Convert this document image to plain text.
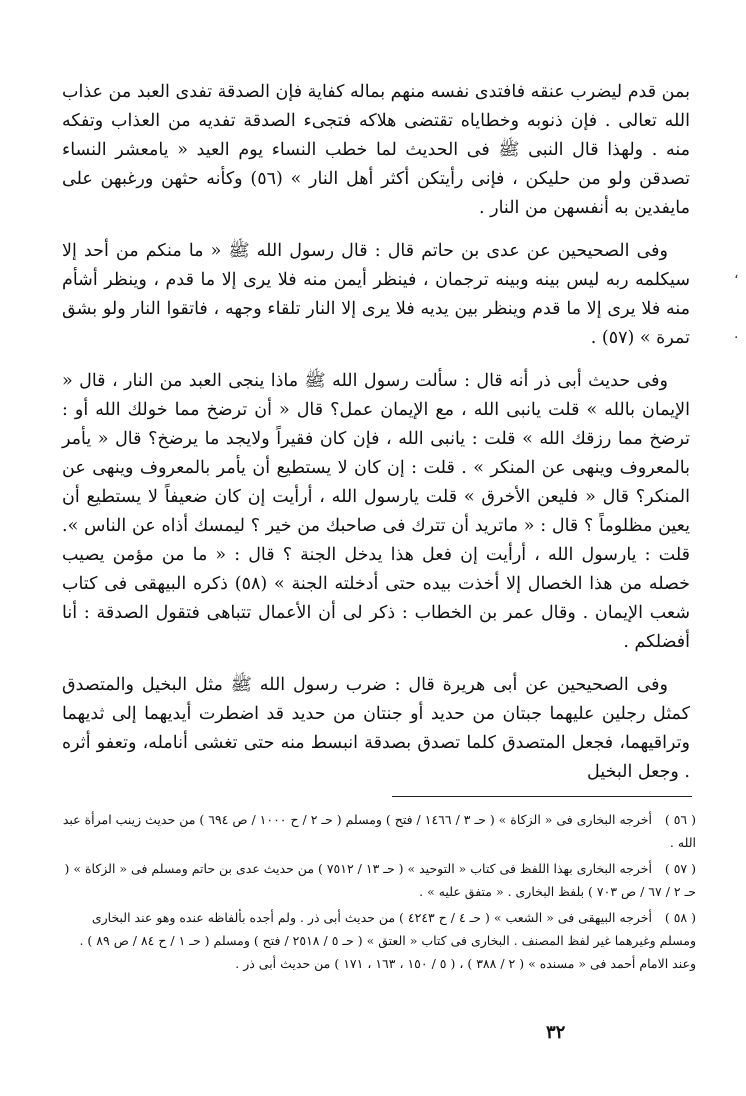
بمن قدم ليضرب عنقه فافتدى نفسه منهم بماله كفاية فإن الصدقة تفدى العبد من عذاب الله تعالى . فإن ذنوبه وخطاياه تقتضى هلاكه فتجىء الصدقة تفديه من العذاب وتفكه منه . ولهذا قال النبى ﷺ فى الحديث لما خطب النساء يوم العيد « يامعشر النساء تصدقن ولو من حليكن ، فإنى رأيتكن أكثر أهل النار » (٥٦) وكأنه حثهن ورغبهن على مايفدين به أنفسهن من النار .

وفى الصحيحين عن عدى بن حاتم قال : قال رسول الله ﷺ « ما منكم من أحد إلا سيكلمه ربه ليس بينه وبينه ترجمان ، فينظر أيمن منه فلا يرى إلا ما قدم ، وينظر أشأم منه فلا يرى إلا ما قدم وينظر بين يديه فلا يرى إلا النار تلقاء وجهه ، فاتقوا النار ولو بشق تمرة » (٥٧) .

وفى حديث أبى ذر أنه قال : سألت رسول الله ﷺ ماذا ينجى العبد من النار ، قال « الإيمان بالله » قلت يانبى الله ، مع الإيمان عمل؟ قال « أن ترضخ مما خولك الله أو : ترضخ مما رزقك الله » قلت : يانبى الله ، فإن كان فقيراً ولايجد ما يرضخ؟ قال « يأمر بالمعروف وينهى عن المنكر » . قلت : إن كان لا يستطيع أن يأمر بالمعروف وينهى عن المنكر؟ قال « فليعن الأخرق » قلت يارسول الله ، أرأيت إن كان ضعيفاً لا يستطيع أن يعين مظلوماً ؟ قال : « ماتريد أن تترك فى صاحبك من خير ؟ ليمسك أذاه عن الناس ». قلت : يارسول الله ، أرأيت إن فعل هذا يدخل الجنة ؟ قال : « ما من مؤمن يصيب خصله من هذا الخصال إلا أخذت بيده حتى أدخلته الجنة » (٥٨) ذكره البيهقى فى كتاب شعب الإيمان . وقال عمر بن الخطاب : ذكر لى أن الأعمال تتباهى فتقول الصدقة : أنا أفضلكم .

وفى الصحيحين عن أبى هريرة قال : ضرب رسول الله ﷺ مثل البخيل والمتصدق كمثل رجلين عليهما جبتان من حديد أو جنتان من حديد قد اضطرت أيديهما إلى ثديهما وتراقيهما، فجعل المتصدق كلما تصدق بصدقة انبسط منه حتى تغشى أنامله، وتعفو أثره . وجعل البخيل

،
·
( ٥٦ ) أخرجه البخارى فى « الزكاة » ( حـ ٣ / ١٤٦٦ / فتح ) ومسلم ( حـ ٢ / ح ١٠٠٠ / ص ٦٩٤ ) من حديث زينب امرأة عبد الله .
( ٥٧ ) أخرجه البخارى بهذا اللفظ فى كتاب « التوحيد » ( حـ ١٣ / ٧٥١٢ ) من حديث عدى بن حاتم ومسلم فى « الزكاة » ( حـ ٢ / ٦٧ / ص ٧٠٣ ) بلفظ البخارى . « متفق عليه » .
( ٥٨ ) أخرجه البيهقى فى « الشعب » ( حـ ٤ / ح ٤٢٤٣ ) من حديث أبى ذر . ولم أجده بألفاظه عنده وهو عند البخارى ومسلم وغيرهما غير لفظ المصنف . البخارى فى كتاب « العتق » ( حـ ٥ / ٢٥١٨ / فتح ) ومسلم ( حـ ١ / ح ٨٤ / ص ٨٩ ) . وعند الامام أحمد فى « مسنده » ( ٢ / ٣٨٨ ) ، ( ٥ / ١٥٠ ، ١٦٣ ، ١٧١ ) من حديث أبى ذر .
٣٢
